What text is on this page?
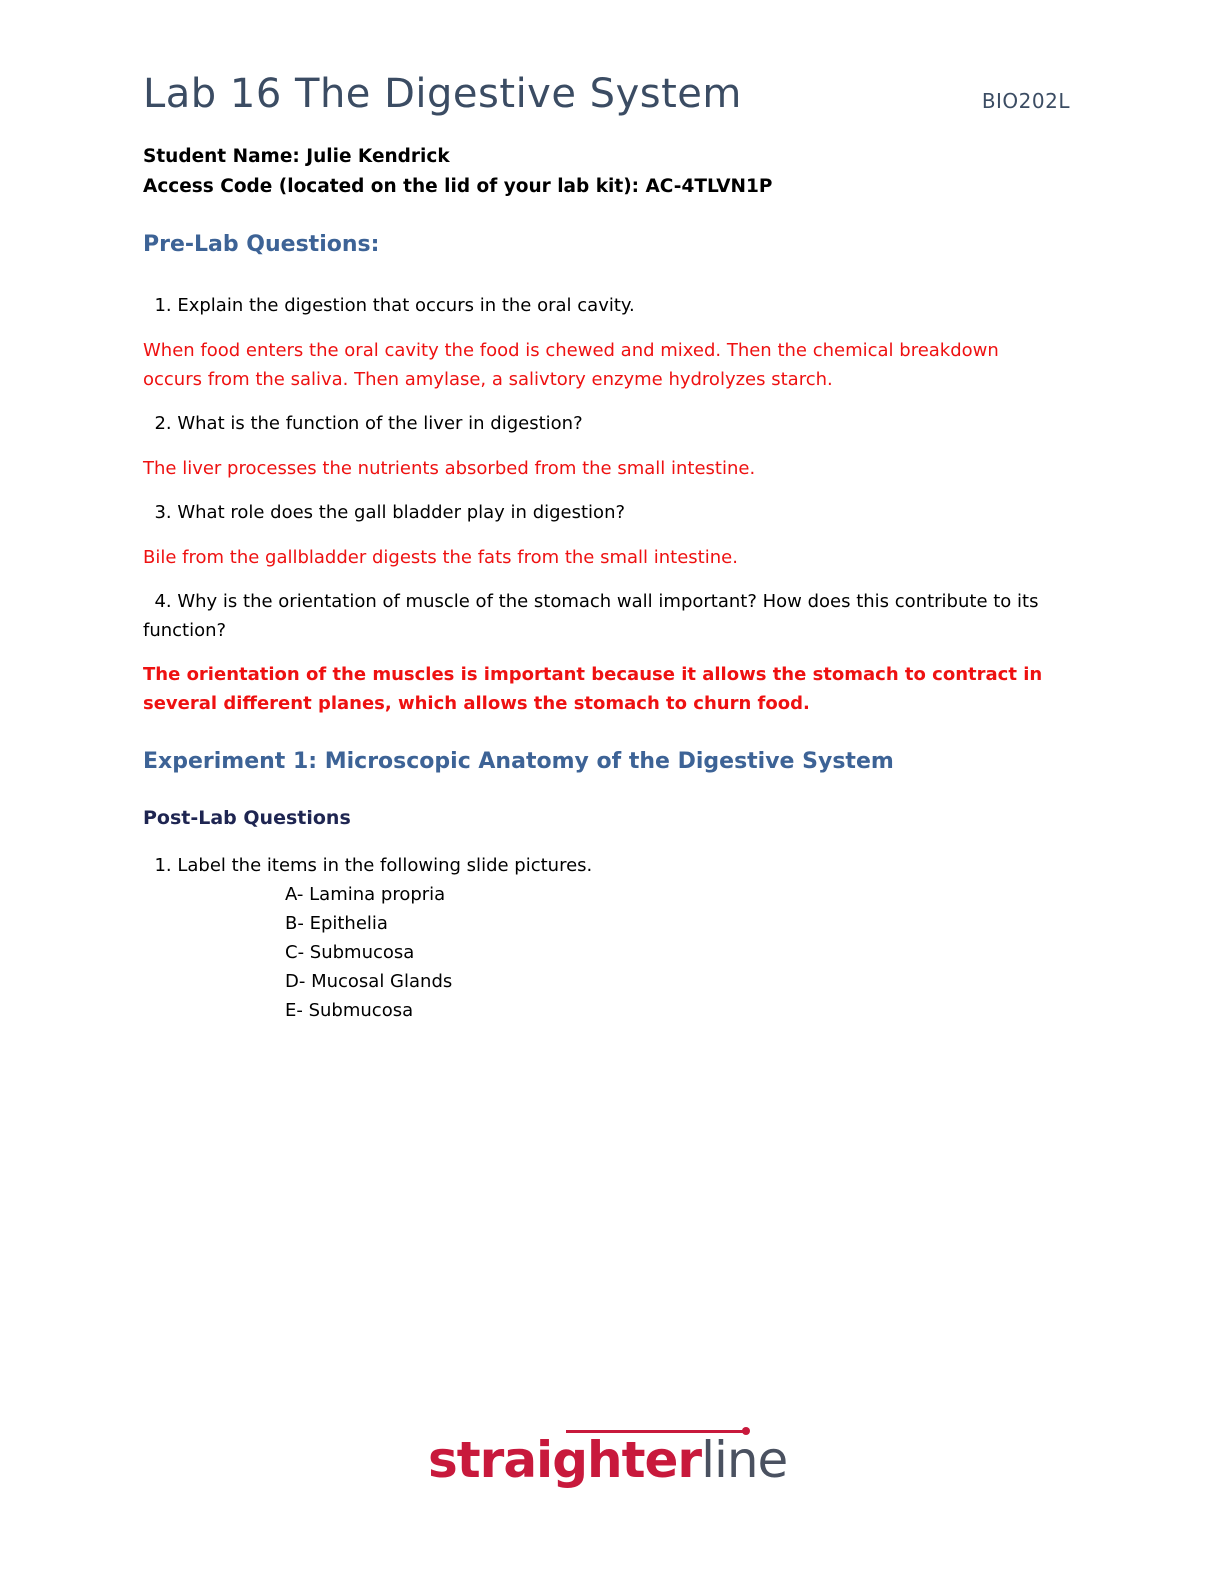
Lab 16 The Digestive System	BIO202L
Student Name: Julie Kendrick
Access Code (located on the lid of your lab kit): AC-4TLVN1P
Pre-Lab Questions:
1. Explain the digestion that occurs in the oral cavity.
When food enters the oral cavity the food is chewed and mixed. Then the chemical breakdown occurs from the saliva. Then amylase, a salivtory enzyme hydrolyzes starch.
2. What is the function of the liver in digestion?
The liver processes the nutrients absorbed from the small intestine.
3. What role does the gall bladder play in digestion?
Bile from the gallbladder digests the fats from the small intestine.
4. Why is the orientation of muscle of the stomach wall important? How does this contribute to its function?
The orientation of the muscles is important because it allows the stomach to contract in several different planes, which allows the stomach to churn food.
Experiment 1: Microscopic Anatomy of the Digestive System
Post-Lab Questions
1. Label the items in the following slide pictures.
A- Lamina propria
B- Epithelia
C- Submucosa
D- Mucosal Glands
E- Submucosa
straighterline
